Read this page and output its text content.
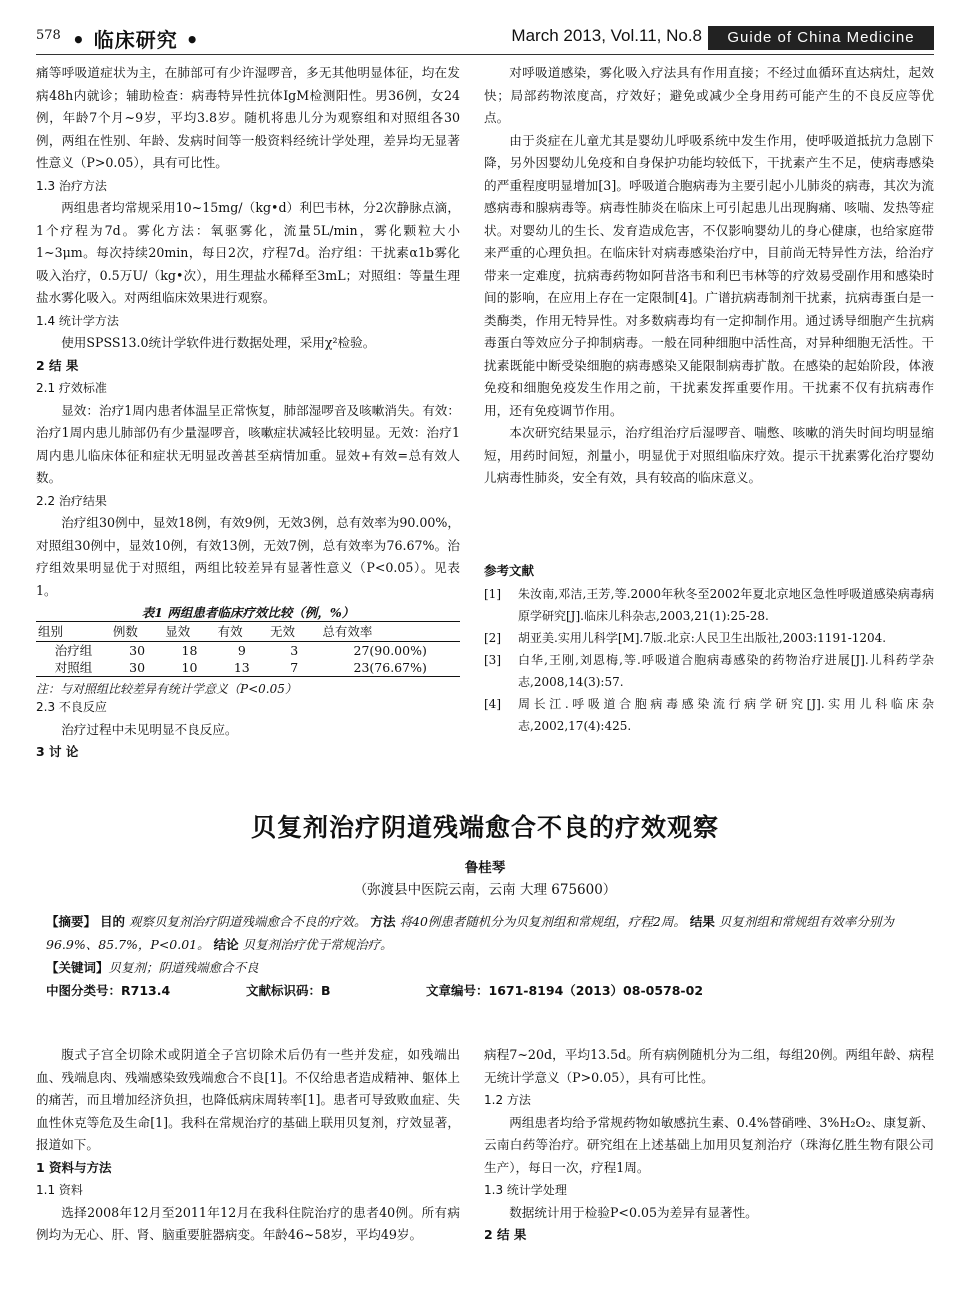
578 • 临床研究 •	March 2013, Vol.11, No.8	Guide of China Medicine

痛等呼吸道症状为主，在肺部可有少许湿啰音，多无其他明显体征，均在发病48h内就诊；辅助检查：病毒特异性抗体IgM检测阳性。男36例，女24例，年龄7个月~9岁，平均3.8岁。随机将患儿分为观察组和对照组各30例，两组在性别、年龄、发病时间等一般资料经统计学处理，差异均无显著性意义（P>0.05），具有可比性。

1.3 治疗方法

两组患者均常规采用10~15mg/（kg•d）利巴韦林，分2次静脉点滴，1个疗程为7d。雾化方法：氧驱雾化，流量5L/min，雾化颗粒大小1~3μm。每次持续20min，每日2次，疗程7d。治疗组：干扰素α1b雾化吸入治疗，0.5万U/（kg•次），用生理盐水稀释至3mL；对照组：等量生理盐水雾化吸入。对两组临床效果进行观察。

1.4 统计学方法

使用SPSS13.0统计学软件进行数据处理，采用χ²检验。

2 结 果
2.1 疗效标准

显效：治疗1周内患者体温呈正常恢复，肺部湿啰音及咳嗽消失。有效：治疗1周内患儿肺部仍有少量湿啰音，咳嗽症状减轻比较明显。无效：治疗1周内患儿临床体征和症状无明显改善甚至病情加重。显效+有效=总有效人数。

2.2 治疗结果

治疗组30例中，显效18例，有效9例，无效3例，总有效率为90.00%，对照组30例中，显效10例，有效13例，无效7例，总有效率为76.67%。治疗组效果明显优于对照组，两组比较差异有显著性意义（P<0.05）。见表1。

表1 两组患者临床疗效比较（例，%）
组别	例数	显效	有效	无效	总有效率
治疗组	30	18	9	3	27(90.00%)
对照组	30	10	13	7	23(76.67%)
注：与对照组比较差异有统计学意义（P<0.05）
2.3 不良反应

治疗过程中未见明显不良反应。

3 讨 论

对呼吸道感染，雾化吸入疗法具有作用直接；不经过血循环直达病灶，起效快；局部药物浓度高，疗效好；避免或减少全身用药可能产生的不良反应等优点。

由于炎症在儿童尤其是婴幼儿呼吸系统中发生作用，使呼吸道抵抗力急剧下降，另外因婴幼儿免疫和自身保护功能均较低下，干扰素产生不足，使病毒感染的严重程度明显增加[3]。呼吸道合胞病毒为主要引起小儿肺炎的病毒，其次为流感病毒和腺病毒等。病毒性肺炎在临床上可引起患儿出现胸痛、咳喘、发热等症状。对婴幼儿的生长、发育造成危害，不仅影响婴幼儿的身心健康，也给家庭带来严重的心理负担。在临床针对病毒感染治疗中，目前尚无特异性方法，给治疗带来一定难度，抗病毒药物如阿昔洛韦和利巴韦林等的疗效易受副作用和感染时间的影响，在应用上存在一定限制[4]。广谱抗病毒制剂干扰素，抗病毒蛋白是一类酶类，作用无特异性。对多数病毒均有一定抑制作用。通过诱导细胞产生抗病毒蛋白等效应分子抑制病毒。一般在同种细胞中活性高，对异种细胞无活性。干扰素既能中断受染细胞的病毒感染又能限制病毒扩散。在感染的起始阶段，体液免疫和细胞免疫发生作用之前，干扰素发挥重要作用。干扰素不仅有抗病毒作用，还有免疫调节作用。

本次研究结果显示，治疗组治疗后湿啰音、喘憋、咳嗽的消失时间均明显缩短，用药时间短，剂量小，明显优于对照组临床疗效。提示干扰素雾化治疗婴幼儿病毒性肺炎，安全有效，具有较高的临床意义。

参考文献
[1]	朱汝南,邓洁,王芳,等.2000年秋冬至2002年夏北京地区急性呼吸道感染病毒病原学研究[J].临床儿科杂志,2003,21(1):25-28.
[2]	胡亚美.实用儿科学[M].7版.北京:人民卫生出版社,2003:1191-1204.
[3]	白华,王刚,刘恩梅,等.呼吸道合胞病毒感染的药物治疗进展[J].儿科药学杂志,2008,14(3):57.
[4]	周长江.呼吸道合胞病毒感染流行病学研究[J].实用儿科临床杂志,2002,17(4):425.
贝复剂治疗阴道残端愈合不良的疗效观察
鲁桂琴
（弥渡县中医院云南，云南 大理 675600）

【摘要】 目的 观察贝复剂治疗阴道残端愈合不良的疗效。 方法 将40例患者随机分为贝复剂组和常规组，疗程2周。 结果 贝复剂组和常规组有效率分别为96.9%、85.7%，P<0.01。 结论 贝复剂治疗优于常规治疗。

【关键词】贝复剂；阴道残端愈合不良

中图分类号：R713.4	文献标识码：B	文章编号：1671-8194（2013）08-0578-02

腹式子宫全切除术或阴道全子宫切除术后仍有一些并发症，如残端出血、残端息肉、残端感染致残端愈合不良[1]。不仅给患者造成精神、躯体上的痛苦，而且增加经济负担，也降低病床周转率[1]。患者可导致败血症、失血性休克等危及生命[1]。我科在常规治疗的基础上联用贝复剂，疗效显著，报道如下。

1 资料与方法
1.1 资料

选择2008年12月至2011年12月在我科住院治疗的患者40例。所有病例均为无心、肝、肾、脑重要脏器病变。年龄46~58岁，平均49岁。

病程7~20d，平均13.5d。所有病例随机分为二组，每组20例。两组年龄、病程无统计学意义（P>0.05），具有可比性。

1.2 方法

两组患者均给予常规药物如敏感抗生素、0.4%替硝唑、3%H₂O₂、康复新、云南白药等治疗。研究组在上述基础上加用贝复剂治疗（珠海亿胜生物有限公司生产），每日一次，疗程1周。

1.3 统计学处理

数据统计用于检验P<0.05为差异有显著性。

2 结 果
